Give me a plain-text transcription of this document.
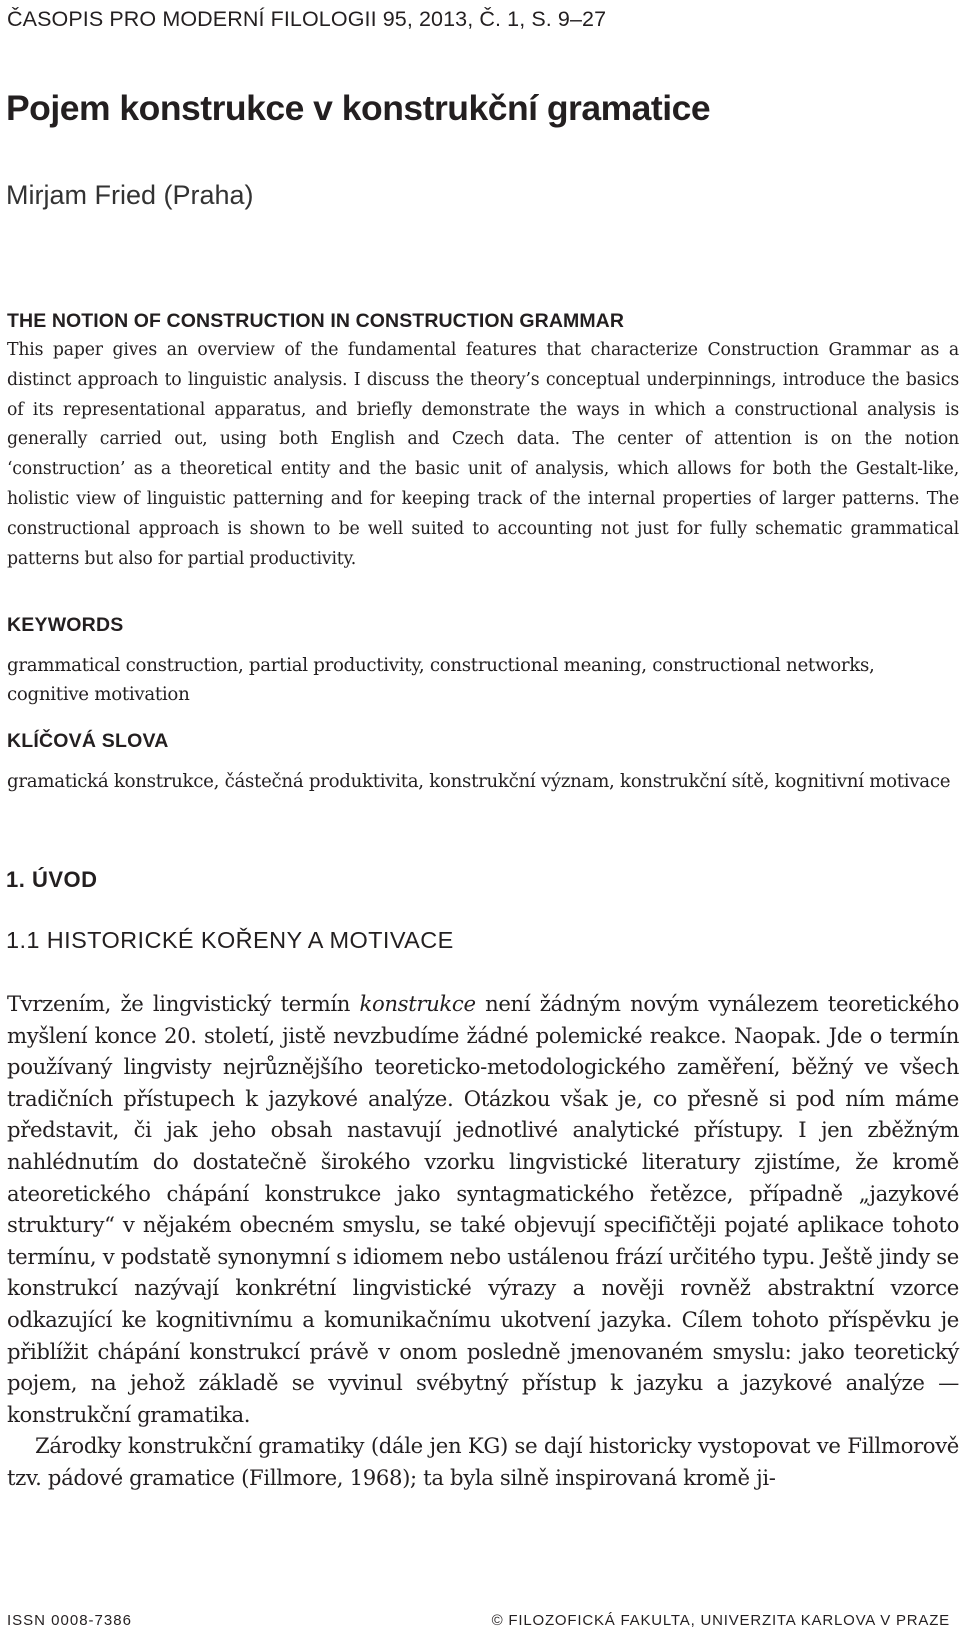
ČASOPIS PRO MODERNÍ FILOLOGII 95, 2013, Č. 1, S. 9–27
Pojem konstrukce v konstrukční gramatice
Mirjam Fried (Praha)
THE NOTION OF CONSTRUCTION IN CONSTRUCTION GRAMMAR
This paper gives an overview of the fundamental features that characterize Construction Grammar as a distinct approach to linguistic analysis. I discuss the theory’s conceptual underpinnings, introduce the basics of its representational apparatus, and briefly demonstrate the ways in which a constructional analysis is generally carried out, using both English and Czech data. The center of attention is on the notion ‘construction’ as a theoretical entity and the basic unit of analysis, which allows for both the Gestalt-like, holistic view of linguistic patterning and for keeping track of the internal properties of larger patterns. The constructional approach is shown to be well suited to accounting not just for fully schematic grammatical patterns but also for partial productivity.
KEYWORDS

grammatical construction, partial productivity, constructional meaning, constructional networks, cognitive motivation
KLÍČOVÁ SLOVA

gramatická konstrukce, částečná produktivita, konstrukční význam, konstrukční sítě, kognitivní motivace
1. ÚVOD
1.1 HISTORICKÉ KOŘENY A MOTIVACE

Tvrzením, že lingvistický termín konstrukce není žádným novým vynálezem teoretického myšlení konce 20. století, jistě nevzbudíme žádné polemické reakce. Naopak. Jde o termín používaný lingvisty nejrůznějšího teoreticko-metodologického zaměření, běžný ve všech tradičních přístupech k jazykové analýze. Otázkou však je, co přesně si pod ním máme představit, či jak jeho obsah nastavují jednotlivé analytické přístupy. I jen zběžným nahlédnutím do dostatečně širokého vzorku lingvistické literatury zjistíme, že kromě ateoretického chápání konstrukce jako syntagmatického řetězce, případně „jazykové struktury“ v nějakém obecném smyslu, se také objevují specifičtěji pojaté aplikace tohoto termínu, v podstatě synonymní s idiomem nebo ustálenou frází určitého typu. Ještě jindy se konstrukcí nazývají konkrétní lingvistické výrazy a nověji rovněž abstraktní vzorce odkazující ke kognitivnímu a komunikačnímu ukotvení jazyka. Cílem tohoto příspěvku je přiblížit chápání konstrukcí právě v onom posledně jmenovaném smyslu: jako teoretický pojem, na jehož základě se vyvinul svébytný přístup k jazyku a jazykové analýze — konstrukční gramatika.

Zárodky konstrukční gramatiky (dále jen KG) se dají historicky vystopovat ve Fillmorově tzv. pádové gramatice (Fillmore, 1968); ta byla silně inspirovaná kromě ji-

ISSN 0008-7386	© FILOZOFICKÁ FAKULTA, UNIVERZITA KARLOVA V PRAZE
